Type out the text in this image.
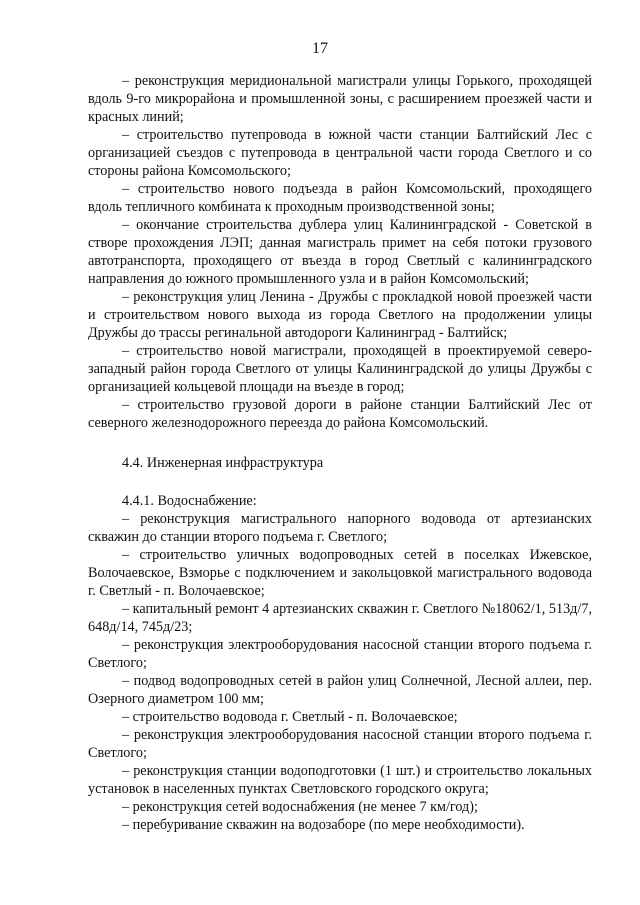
17

– реконструкция меридиональной магистрали улицы Горького, проходящей вдоль 9-го микрорайона и промышленной зоны, с расширением проезжей части и красных линий;

– строительство путепровода в южной части станции Балтийский Лес с организацией съездов с путепровода в центральной части города Светлого и со стороны района Комсомольского;

– строительство нового подъезда в район Комсомольский, проходящего вдоль тепличного комбината к проходным производственной зоны;

– окончание строительства дублера улиц Калининградской - Советской в створе прохождения ЛЭП; данная магистраль примет на себя потоки грузового автотранспорта, проходящего от въезда в город Светлый с калининградского направления до южного промышленного узла и в район Комсомольский;

– реконструкция улиц Ленина - Дружбы с прокладкой новой проезжей части и строительством нового выхода из города Светлого на продолжении улицы Дружбы до трассы регинальной автодороги Калининград - Балтийск;

– строительство новой магистрали, проходящей в проектируемой северо-западный район города Светлого от улицы Калининградской до улицы Дружбы с организацией кольцевой площади на въезде в город;

– строительство грузовой дороги в районе станции Балтийский Лес от северного железнодорожного переезда до района Комсомольский.

4.4. Инженерная инфраструктура

4.4.1. Водоснабжение:

– реконструкция магистрального напорного водовода от артезианских скважин до станции второго подъема г. Светлого;

– строительство уличных водопроводных сетей в поселках Ижевское, Волочаевское, Взморье с подключением и закольцовкой магистрального водовода г. Светлый - п. Волочаевское;

– капитальный ремонт 4 артезианских скважин г. Светлого №18062/1, 513д/7, 648д/14, 745д/23;

– реконструкция электрооборудования насосной станции второго подъема г. Светлого;

– подвод водопроводных сетей в район улиц Солнечной, Лесной аллеи, пер. Озерного диаметром 100 мм;

– строительство водовода г. Светлый - п. Волочаевское;

– реконструкция электрооборудования насосной станции второго подъема г. Светлого;

– реконструкция станции водоподготовки (1 шт.) и строительство локальных установок в населенных пунктах Светловского городского округа;

– реконструкция сетей водоснабжения (не менее 7 км/год);

– перебуривание скважин на водозаборе (по мере необходимости).
